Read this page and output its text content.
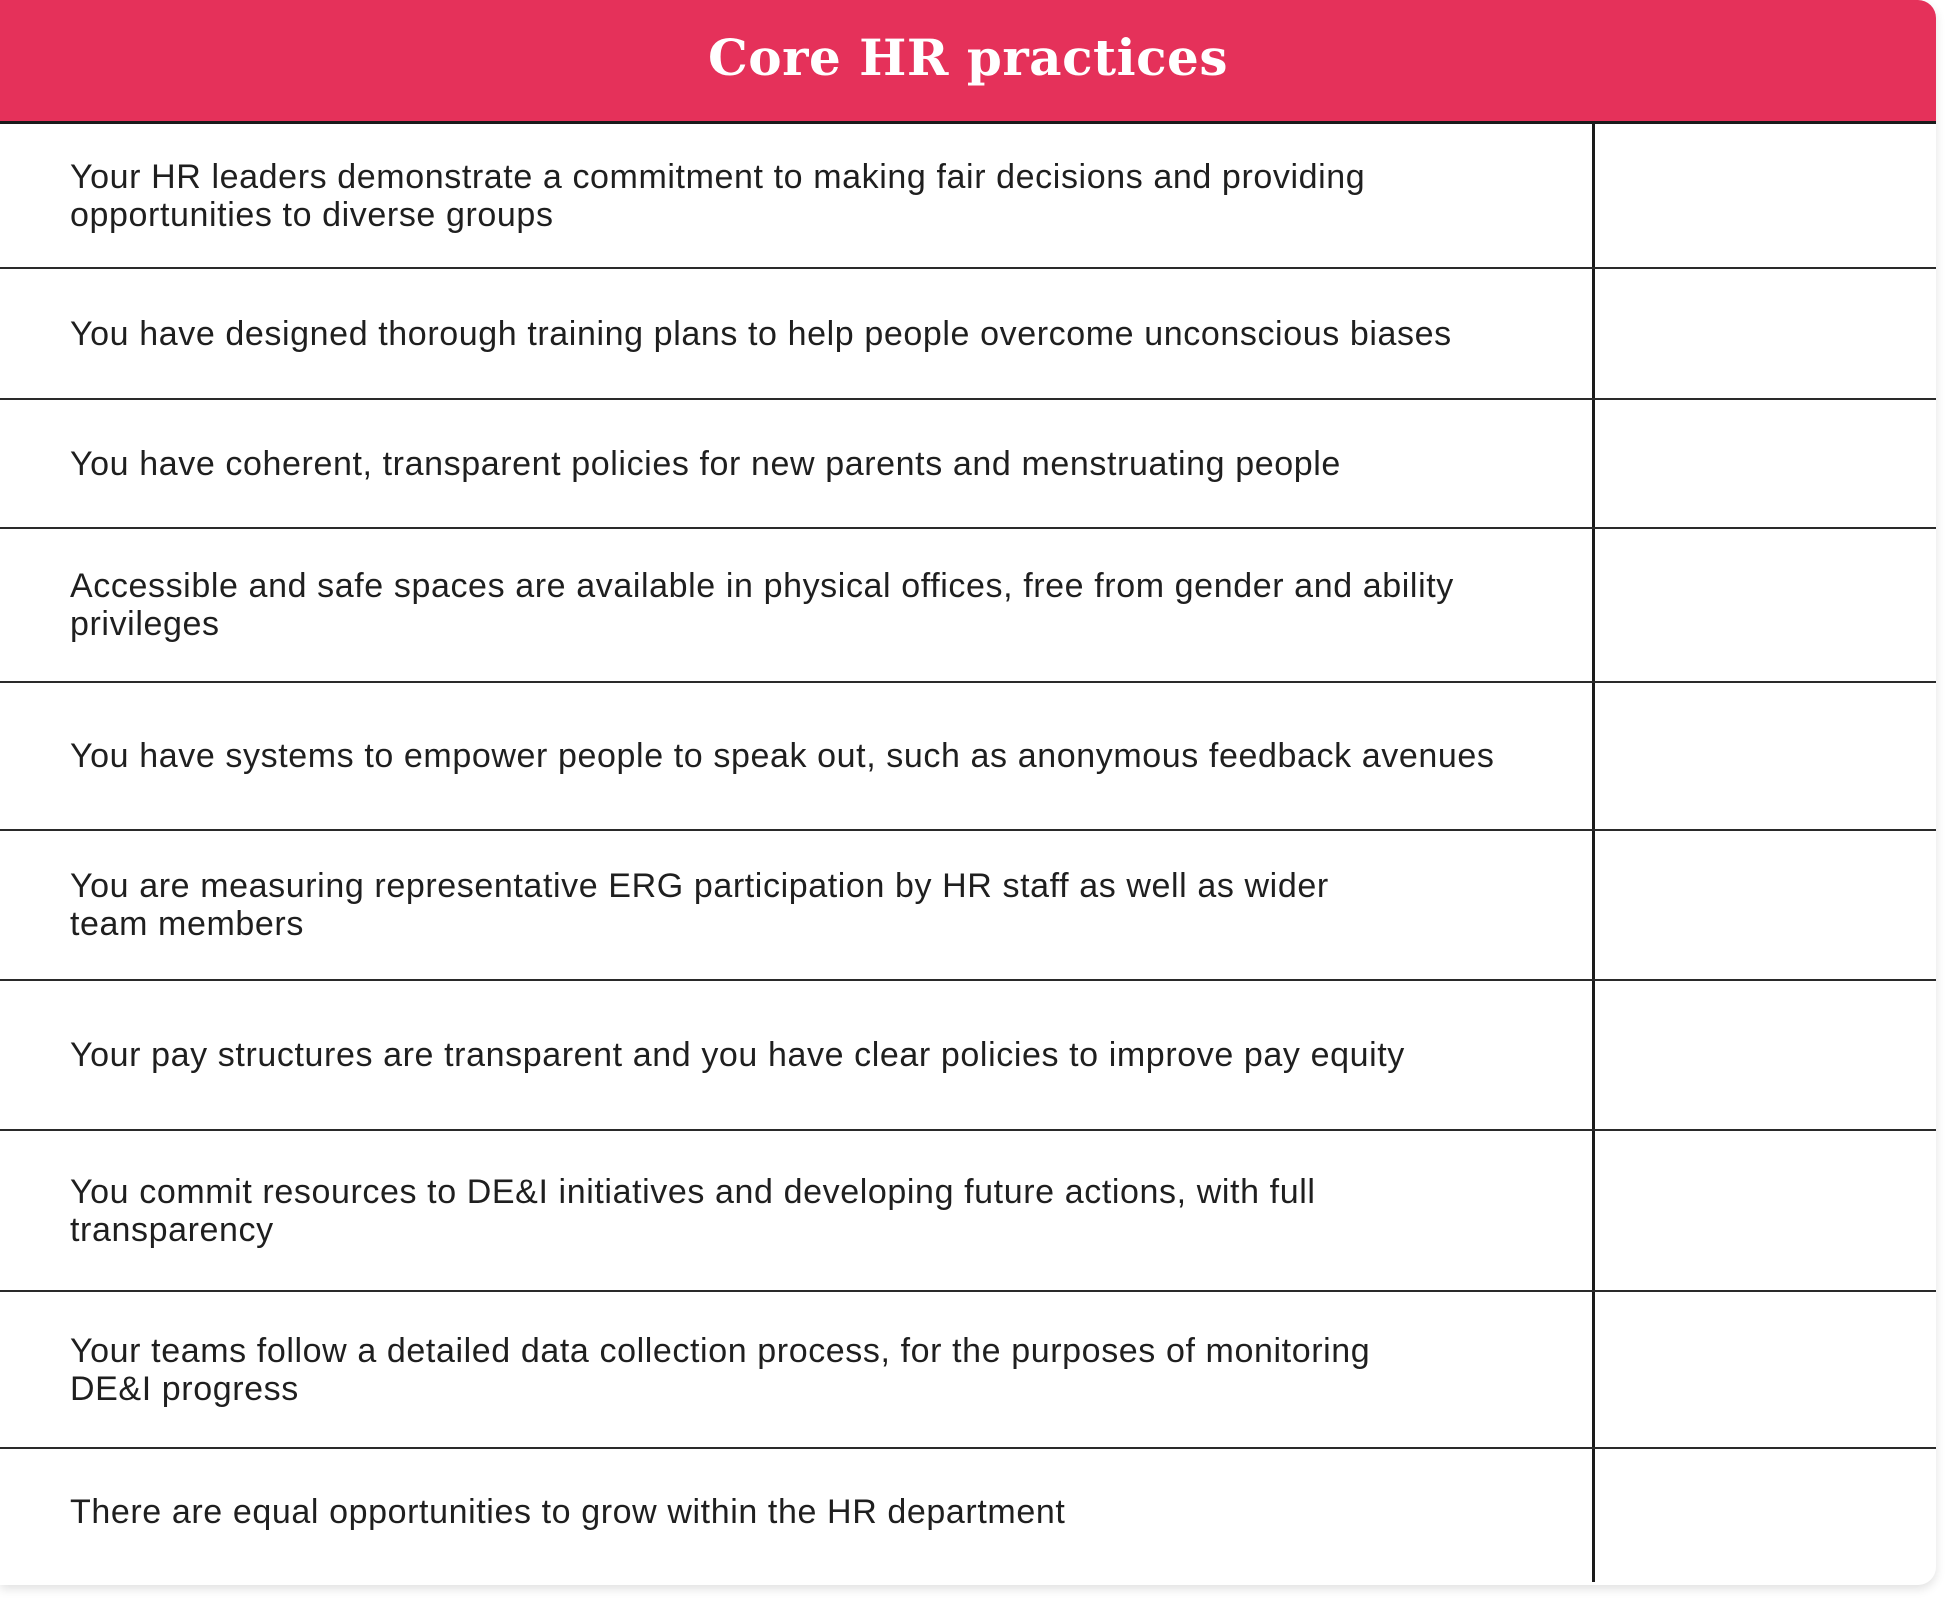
Core HR practices
Your HR leaders demonstrate a commitment to making fair decisions and providing opportunities to diverse groups
You have designed thorough training plans to help people overcome unconscious biases
You have coherent, transparent policies for new parents and menstruating people
Accessible and safe spaces are available in physical offices, free from gender and ability privileges
You have systems to empower people to speak out, such as anonymous feedback avenues
You are measuring representative ERG participation by HR staff as well as wider team members
Your pay structures are transparent and you have clear policies to improve pay equity
You commit resources to DE&I initiatives and developing future actions, with full transparency
Your teams follow a detailed data collection process, for the purposes of monitoring DE&I progress
There are equal opportunities to grow within the HR department
